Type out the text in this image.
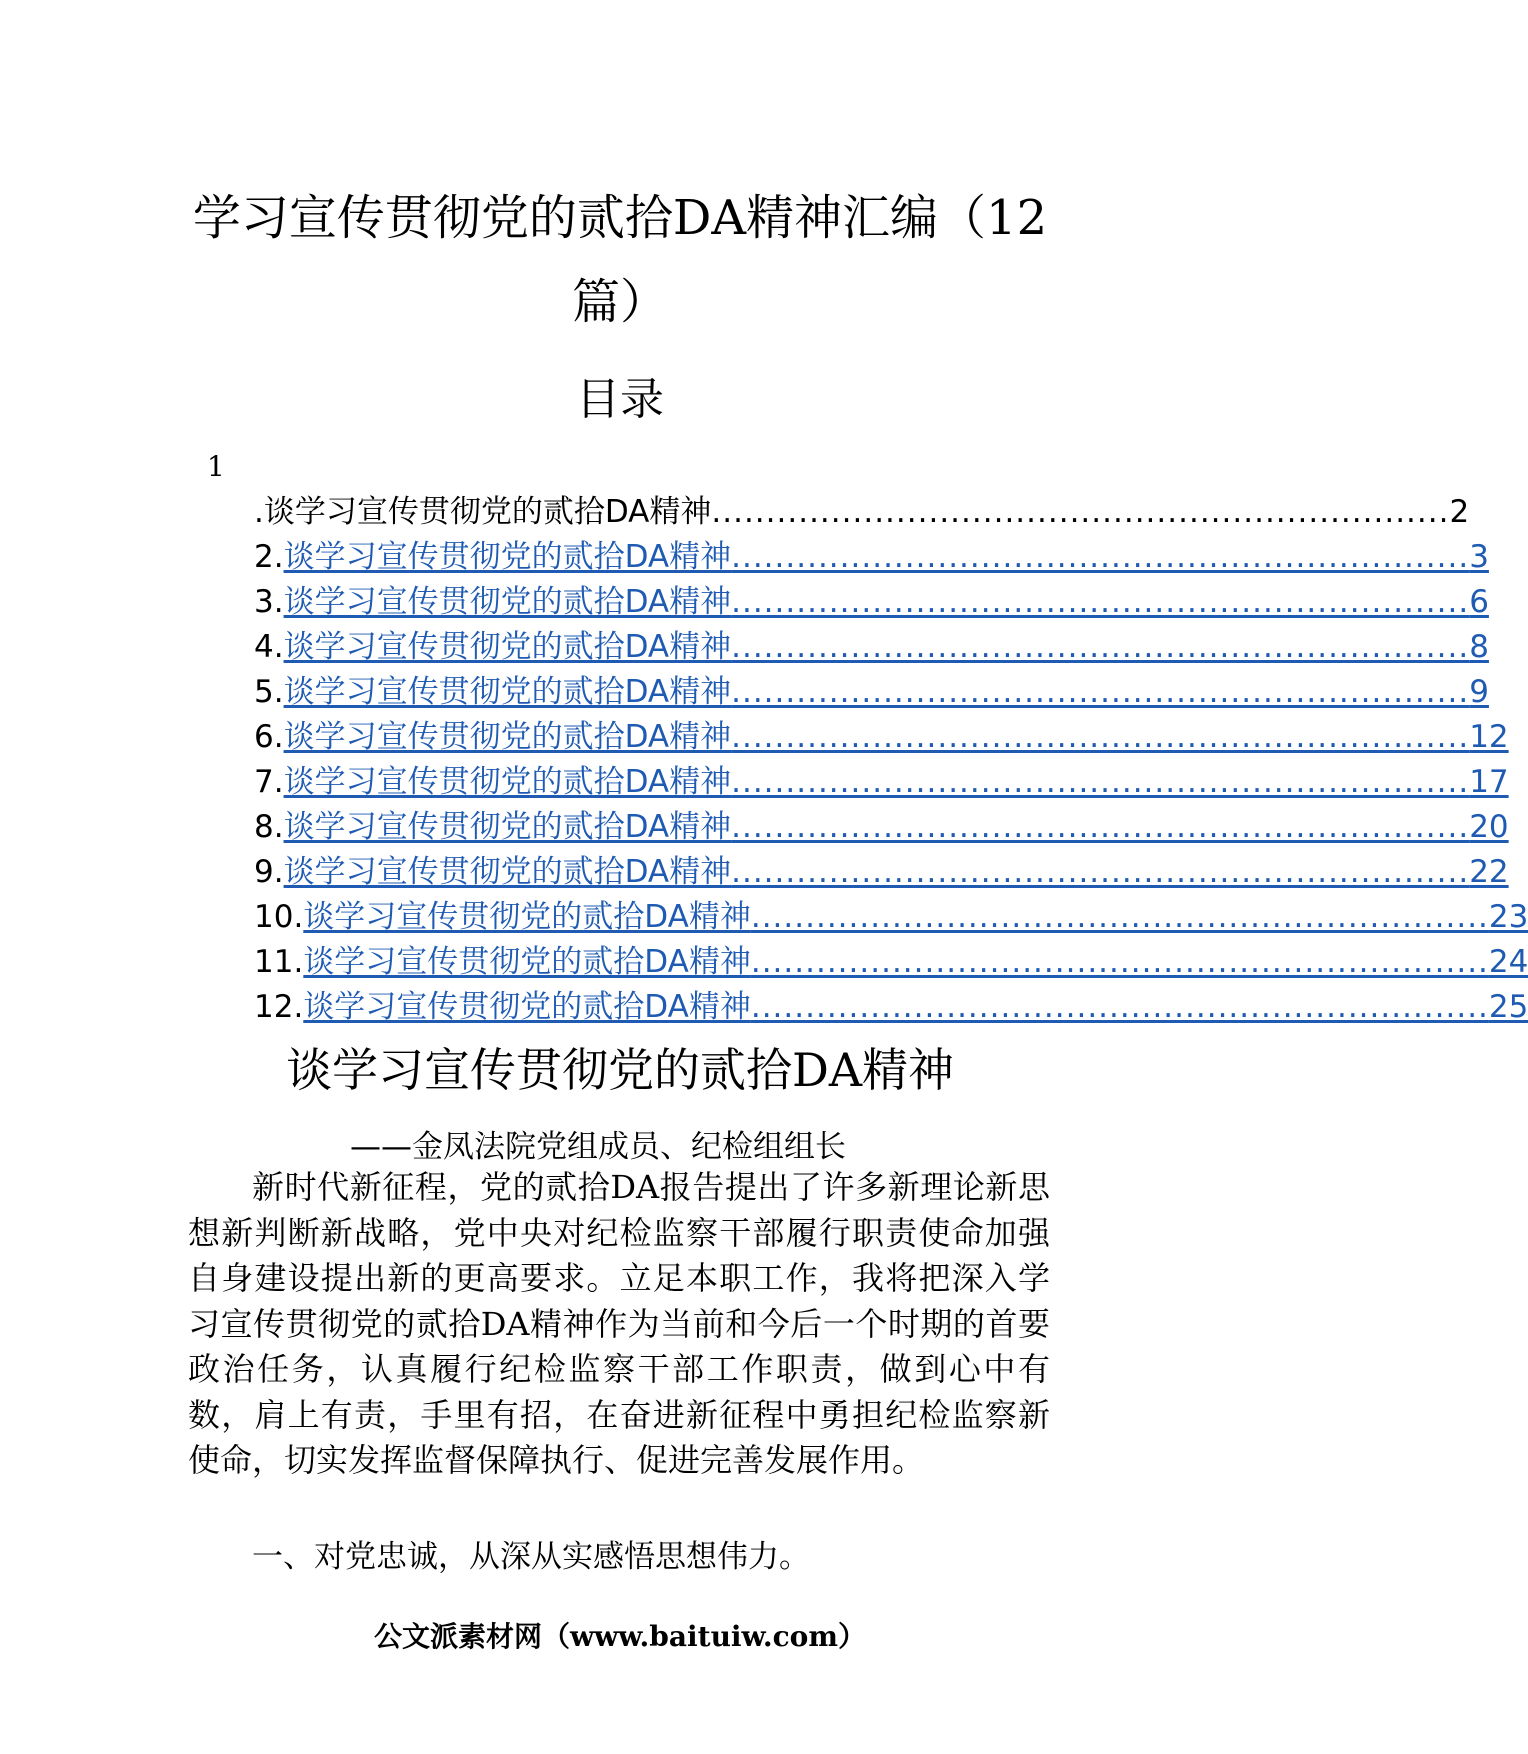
学习宣传贯彻党的贰拾DA精神汇编（12
篇）
目录
1
. 谈学习宣传贯彻党的贰拾DA精神 .................................................................... 2
2. 谈学习宣传贯彻党的贰拾DA精神 .................................................................... 3
3. 谈学习宣传贯彻党的贰拾DA精神 .................................................................... 6
4. 谈学习宣传贯彻党的贰拾DA精神 .................................................................... 8
5. 谈学习宣传贯彻党的贰拾DA精神 .................................................................... 9
6. 谈学习宣传贯彻党的贰拾DA精神 .................................................................... 12
7. 谈学习宣传贯彻党的贰拾DA精神 .................................................................... 17
8. 谈学习宣传贯彻党的贰拾DA精神 .................................................................... 20
9. 谈学习宣传贯彻党的贰拾DA精神 .................................................................... 22
10. 谈学习宣传贯彻党的贰拾DA精神 .................................................................... 23
11. 谈学习宣传贯彻党的贰拾DA精神 .................................................................... 24
12. 谈学习宣传贯彻党的贰拾DA精神 .................................................................... 25
谈学习宣传贯彻党的贰拾DA精神
——金凤法院党组成员、纪检组组长

新时代新征程，党的贰拾DA报告提出了许多新理论新思想新判断新战略，党中央对纪检监察干部履行职责使命加强自身建设提出新的更高要求。立足本职工作，我将把深入学习宣传贯彻党的贰拾DA精神作为当前和今后一个时期的首要政治任务，认真履行纪检监察干部工作职责，做到心中有数，肩上有责，手里有招，在奋进新征程中勇担纪检监察新使命，切实发挥监督保障执行、促进完善发展作用。

一、对党忠诚，从深从实感悟思想伟力。
公文派素材网（www.baituiw.com）
